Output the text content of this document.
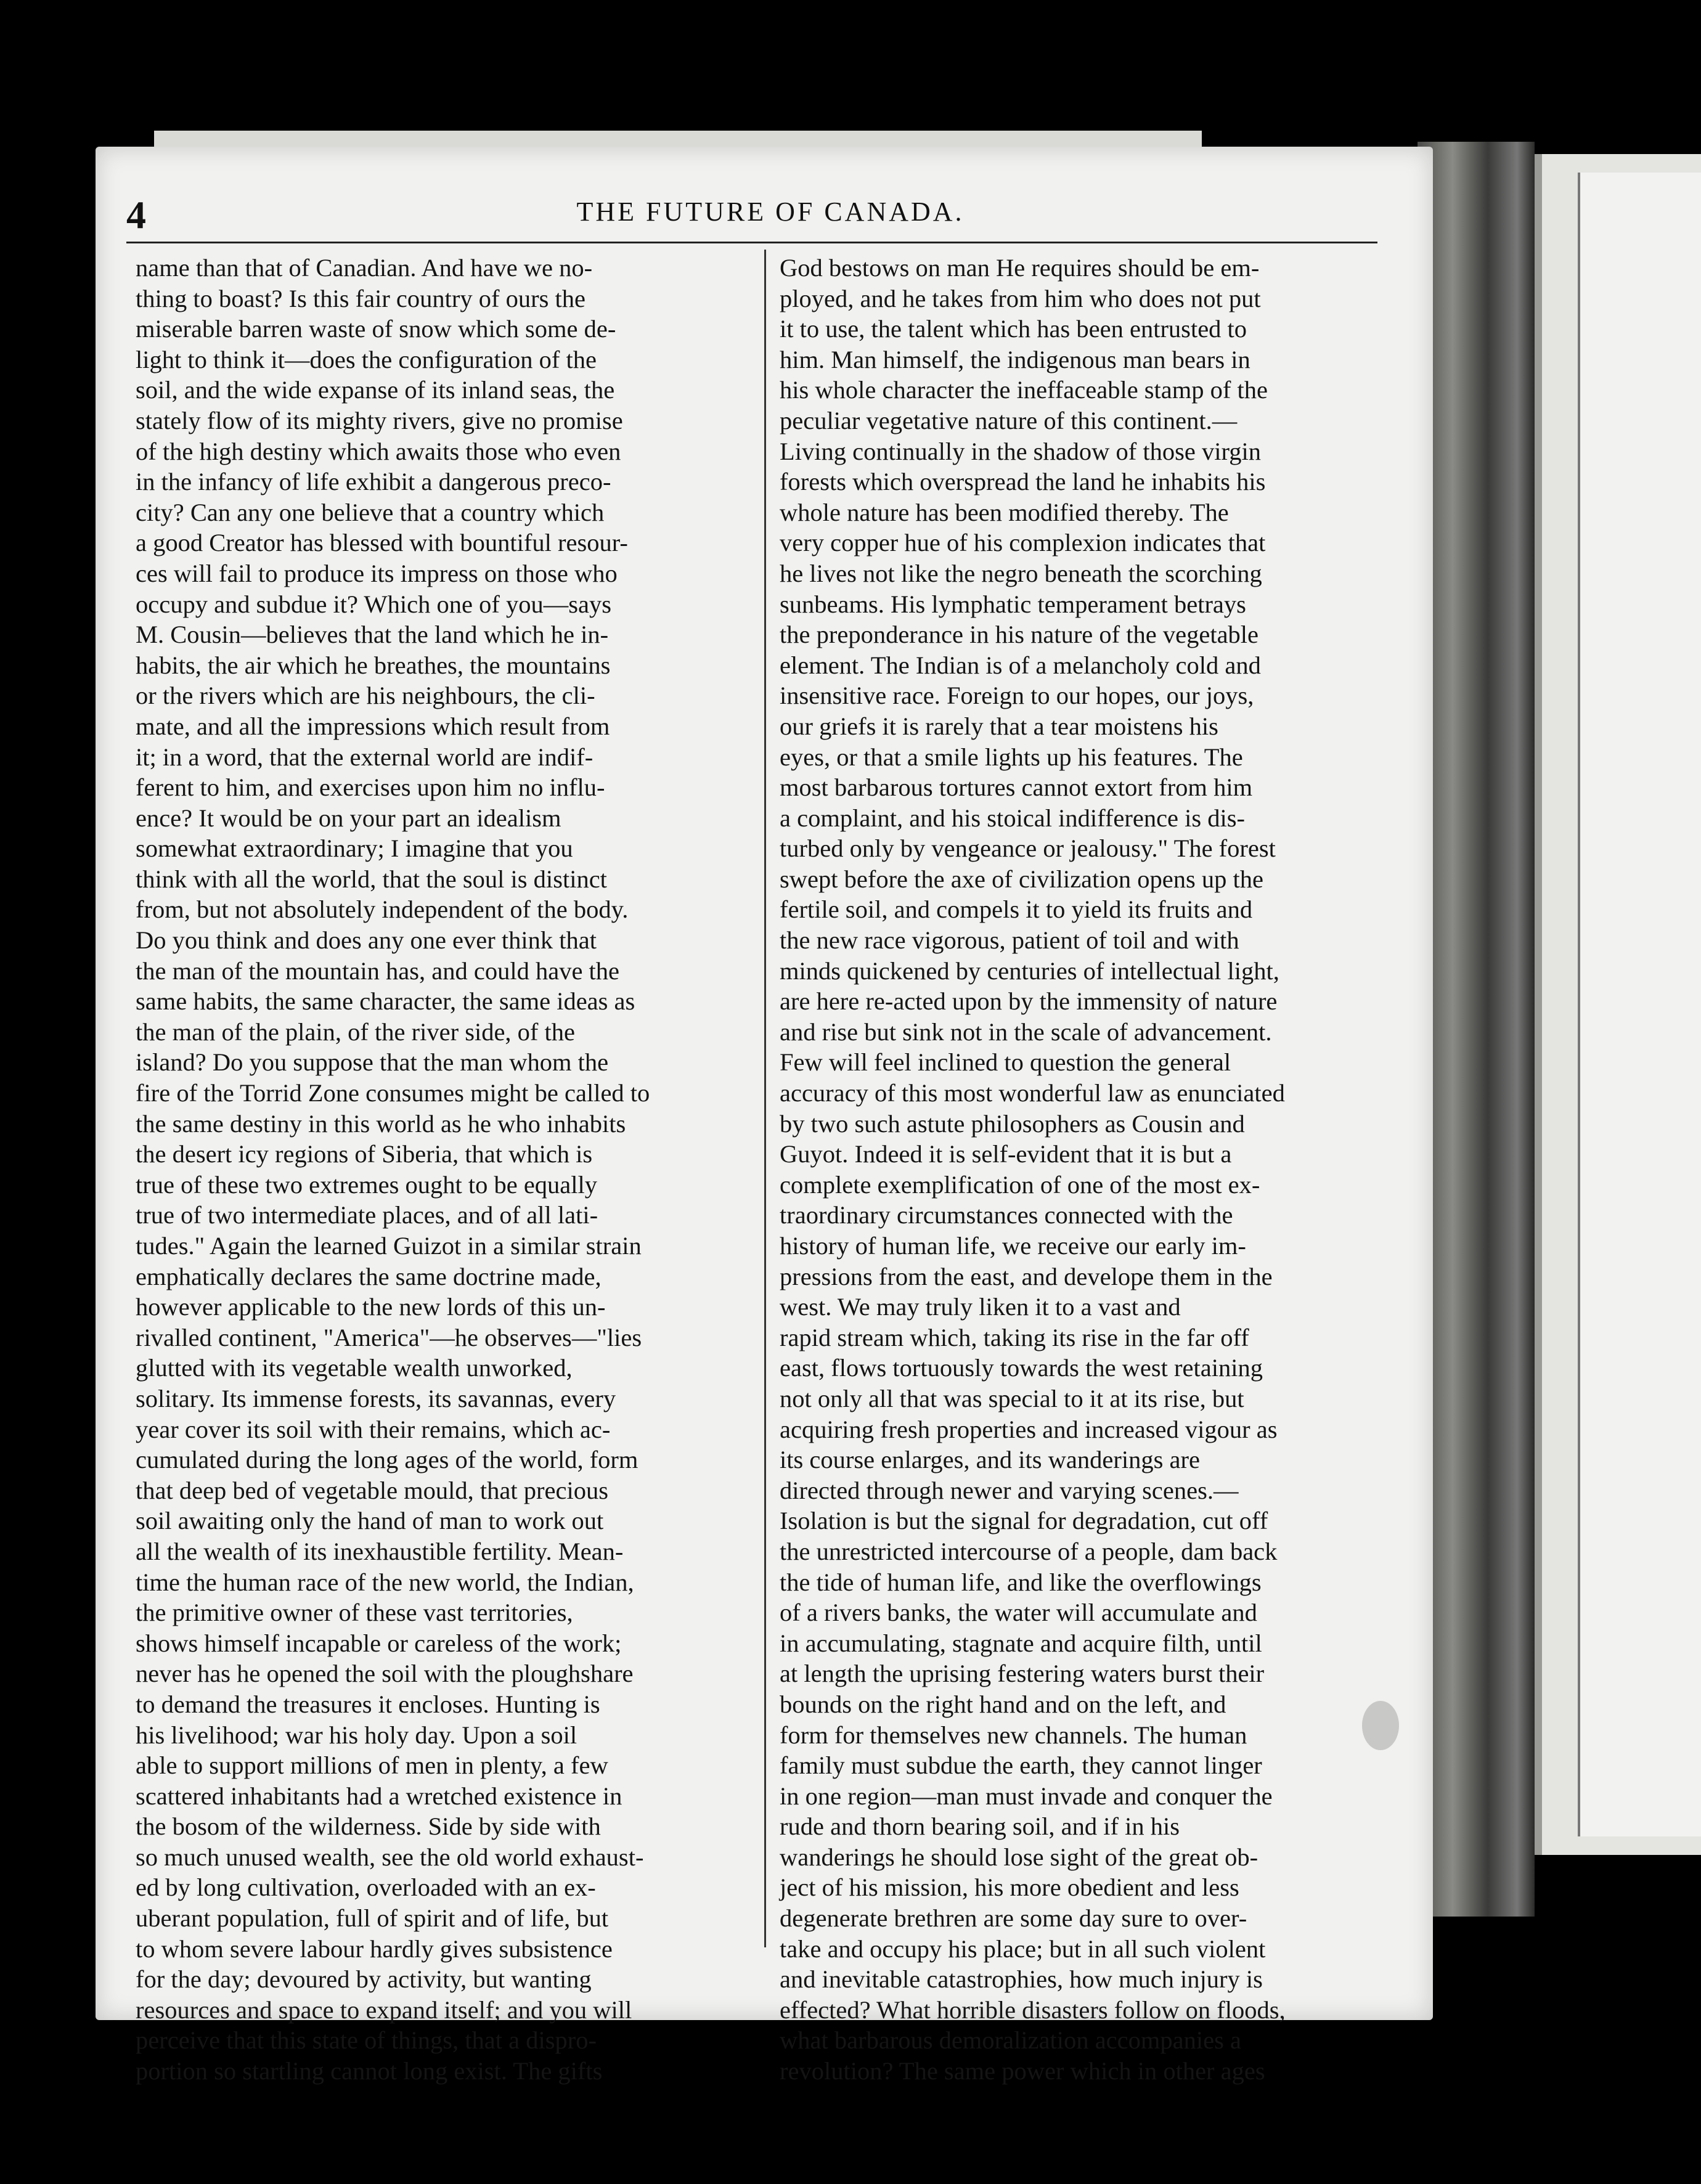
4	THE FUTURE OF CANADA.
name than that of Canadian. And have we no-
thing to boast? Is this fair country of ours the
miserable barren waste of snow which some de-
light to think it—does the configuration of the
soil, and the wide expanse of its inland seas, the
stately flow of its mighty rivers, give no promise
of the high destiny which awaits those who even
in the infancy of life exhibit a dangerous preco-
city? Can any one believe that a country which
a good Creator has blessed with bountiful resour-
ces will fail to produce its impress on those who
occupy and subdue it? Which one of you—says
M. Cousin—believes that the land which he in-
habits, the air which he breathes, the mountains
or the rivers which are his neighbours, the cli-
mate, and all the impressions which result from
it; in a word, that the external world are indif-
ferent to him, and exercises upon him no influ-
ence? It would be on your part an idealism
somewhat extraordinary; I imagine that you
think with all the world, that the soul is distinct
from, but not absolutely independent of the body.
Do you think and does any one ever think that
the man of the mountain has, and could have the
same habits, the same character, the same ideas as
the man of the plain, of the river side, of the
island? Do you suppose that the man whom the
fire of the Torrid Zone consumes might be called to
the same destiny in this world as he who inhabits
the desert icy regions of Siberia, that which is
true of these two extremes ought to be equally
true of two intermediate places, and of all lati-
tudes." Again the learned Guizot in a similar strain
emphatically declares the same doctrine made,
however applicable to the new lords of this un-
rivalled continent, "America"—he observes—"lies
glutted with its vegetable wealth unworked,
solitary. Its immense forests, its savannas, every
year cover its soil with their remains, which ac-
cumulated during the long ages of the world, form
that deep bed of vegetable mould, that precious
soil awaiting only the hand of man to work out
all the wealth of its inexhaustible fertility. Mean-
time the human race of the new world, the Indian,
the primitive owner of these vast territories,
shows himself incapable or careless of the work;
never has he opened the soil with the ploughshare
to demand the treasures it encloses. Hunting is
his livelihood; war his holy day. Upon a soil
able to support millions of men in plenty, a few
scattered inhabitants had a wretched existence in
the bosom of the wilderness. Side by side with
so much unused wealth, see the old world exhaust-
ed by long cultivation, overloaded with an ex-
uberant population, full of spirit and of life, but
to whom severe labour hardly gives subsistence
for the day; devoured by activity, but wanting
resources and space to expand itself; and you will
perceive that this state of things, that a dispro-
portion so startling cannot long exist. The gifts
God bestows on man He requires should be em-
ployed, and he takes from him who does not put
it to use, the talent which has been entrusted to
him. Man himself, the indigenous man bears in
his whole character the ineffaceable stamp of the
peculiar vegetative nature of this continent.—
Living continually in the shadow of those virgin
forests which overspread the land he inhabits his
whole nature has been modified thereby. The
very copper hue of his complexion indicates that
he lives not like the negro beneath the scorching
sunbeams. His lymphatic temperament betrays
the preponderance in his nature of the vegetable
element. The Indian is of a melancholy cold and
insensitive race. Foreign to our hopes, our joys,
our griefs it is rarely that a tear moistens his
eyes, or that a smile lights up his features. The
most barbarous tortures cannot extort from him
a complaint, and his stoical indifference is dis-
turbed only by vengeance or jealousy." The forest
swept before the axe of civilization opens up the
fertile soil, and compels it to yield its fruits and
the new race vigorous, patient of toil and with
minds quickened by centuries of intellectual light,
are here re-acted upon by the immensity of nature
and rise but sink not in the scale of advancement.
Few will feel inclined to question the general
accuracy of this most wonderful law as enunciated
by two such astute philosophers as Cousin and
Guyot. Indeed it is self-evident that it is but a
complete exemplification of one of the most ex-
traordinary circumstances connected with the
history of human life, we receive our early im-
pressions from the east, and develope them in the
west. We may truly liken it to a vast and
rapid stream which, taking its rise in the far off
east, flows tortuously towards the west retaining
not only all that was special to it at its rise, but
acquiring fresh properties and increased vigour as
its course enlarges, and its wanderings are
directed through newer and varying scenes.—
Isolation is but the signal for degradation, cut off
the unrestricted intercourse of a people, dam back
the tide of human life, and like the overflowings
of a rivers banks, the water will accumulate and
in accumulating, stagnate and acquire filth, until
at length the uprising festering waters burst their
bounds on the right hand and on the left, and
form for themselves new channels. The human
family must subdue the earth, they cannot linger
in one region—man must invade and conquer the
rude and thorn bearing soil, and if in his
wanderings he should lose sight of the great ob-
ject of his mission, his more obedient and less
degenerate brethren are some day sure to over-
take and occupy his place; but in all such violent
and inevitable catastrophies, how much injury is
effected? What horrible disasters follow on floods,
what barbarous demoralization accompanies a
revolution? The same power which in other ages
